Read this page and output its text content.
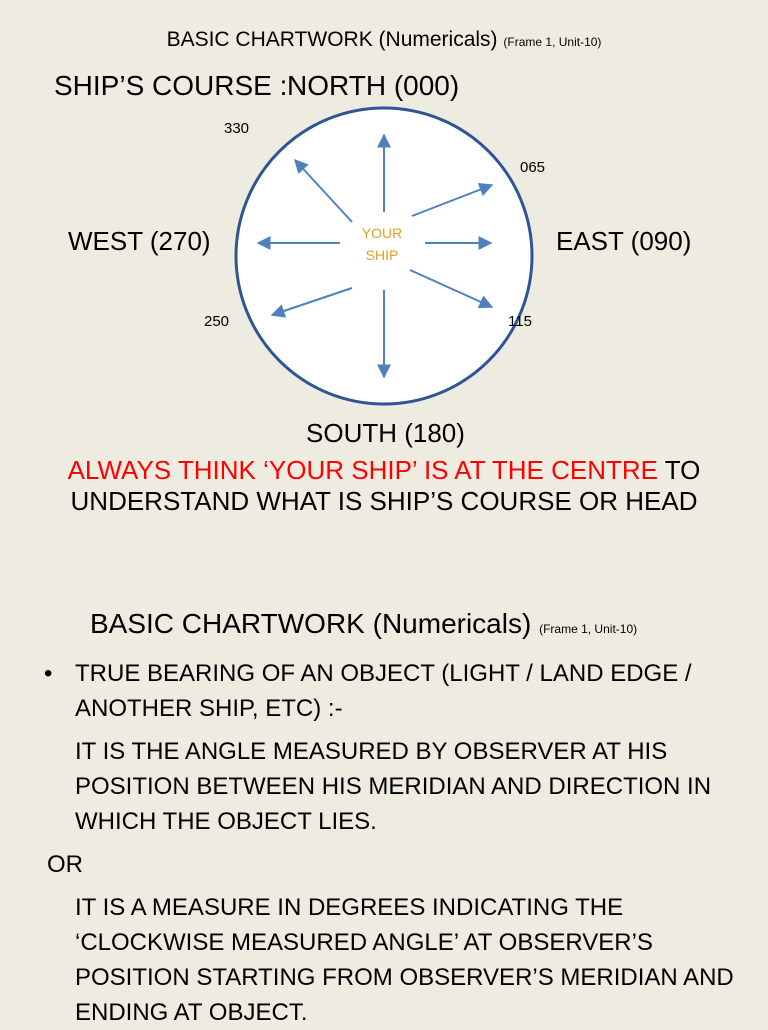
BASIC CHARTWORK (Numericals) (Frame 1, Unit-10)
SHIP’S COURSE : NORTH (000)
YOUR
SHIP
WEST (270)	EAST (090)
SOUTH (180)
330
065
250	115
ALWAYS THINK ‘YOUR SHIP’ IS AT THE CENTRE TO UNDERSTAND WHAT IS SHIP’S COURSE OR HEAD
BASIC CHARTWORK (Numericals) (Frame 1, Unit-10)
• TRUE BEARING OF AN OBJECT (LIGHT / LAND EDGE / ANOTHER SHIP, ETC) :-
IT IS THE ANGLE MEASURED BY OBSERVER AT HIS POSITION BETWEEN HIS MERIDIAN AND DIRECTION IN WHICH THE OBJECT LIES.
OR
IT IS A MEASURE IN DEGREES INDICATING THE ‘CLOCKWISE MEASURED ANGLE’ AT OBSERVER’S POSITION STARTING FROM OBSERVER’S MERIDIAN AND ENDING AT OBJECT.
